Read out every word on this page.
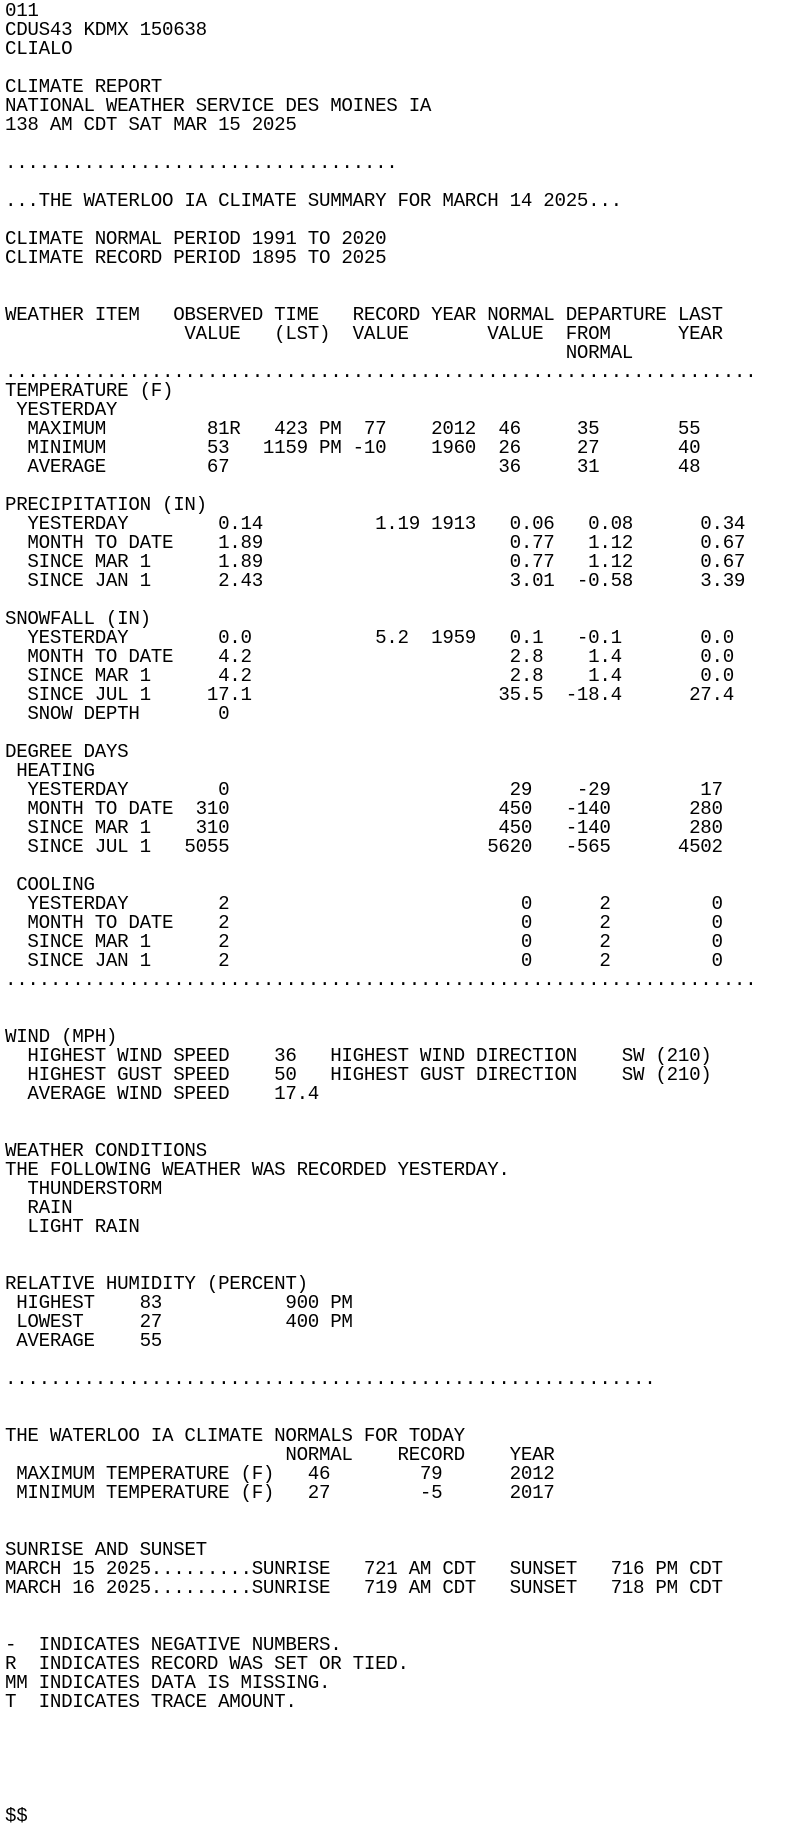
011
CDUS43 KDMX 150638
CLIALO
CLIMATE REPORT
NATIONAL WEATHER SERVICE DES MOINES IA
138 AM CDT SAT MAR 15 2025
...................................
...THE WATERLOO IA CLIMATE SUMMARY FOR MARCH 14 2025...
CLIMATE NORMAL PERIOD 1991 TO 2020
CLIMATE RECORD PERIOD 1895 TO 2025
WEATHER ITEM   OBSERVED TIME   RECORD YEAR NORMAL DEPARTURE LAST
VALUE   (LST)  VALUE       VALUE  FROM      YEAR
NORMAL
...................................................................
TEMPERATURE (F)
YESTERDAY
MAXIMUM         81R   423 PM  77    2012  46     35       55
MINIMUM         53   1159 PM -10    1960  26     27       40
AVERAGE         67                        36     31       48
PRECIPITATION (IN)
YESTERDAY        0.14          1.19 1913   0.06   0.08      0.34
MONTH TO DATE    1.89                      0.77   1.12      0.67
SINCE MAR 1      1.89                      0.77   1.12      0.67
SINCE JAN 1      2.43                      3.01  -0.58      3.39
SNOWFALL (IN)
YESTERDAY        0.0           5.2  1959   0.1   -0.1       0.0
MONTH TO DATE    4.2                       2.8    1.4       0.0
SINCE MAR 1      4.2                       2.8    1.4       0.0
SINCE JUL 1     17.1                      35.5  -18.4      27.4
SNOW DEPTH       0
DEGREE DAYS
HEATING
YESTERDAY        0                         29    -29        17
MONTH TO DATE  310                        450   -140       280
SINCE MAR 1    310                        450   -140       280
SINCE JUL 1   5055                       5620   -565      4502
COOLING
YESTERDAY        2                          0      2         0
MONTH TO DATE    2                          0      2         0
SINCE MAR 1      2                          0      2         0
SINCE JAN 1      2                          0      2         0
...................................................................
WIND (MPH)
HIGHEST WIND SPEED    36   HIGHEST WIND DIRECTION    SW (210)
HIGHEST GUST SPEED    50   HIGHEST GUST DIRECTION    SW (210)
AVERAGE WIND SPEED    17.4
WEATHER CONDITIONS
THE FOLLOWING WEATHER WAS RECORDED YESTERDAY.
THUNDERSTORM
RAIN
LIGHT RAIN
RELATIVE HUMIDITY (PERCENT)
HIGHEST    83           900 PM
LOWEST     27           400 PM
AVERAGE    55
..........................................................
THE WATERLOO IA CLIMATE NORMALS FOR TODAY
NORMAL    RECORD    YEAR
MAXIMUM TEMPERATURE (F)   46        79      2012
MINIMUM TEMPERATURE (F)   27        -5      2017
SUNRISE AND SUNSET
MARCH 15 2025.........SUNRISE   721 AM CDT   SUNSET   716 PM CDT
MARCH 16 2025.........SUNRISE   719 AM CDT   SUNSET   718 PM CDT
-  INDICATES NEGATIVE NUMBERS.
R  INDICATES RECORD WAS SET OR TIED.
MM INDICATES DATA IS MISSING.
T  INDICATES TRACE AMOUNT.
$$
